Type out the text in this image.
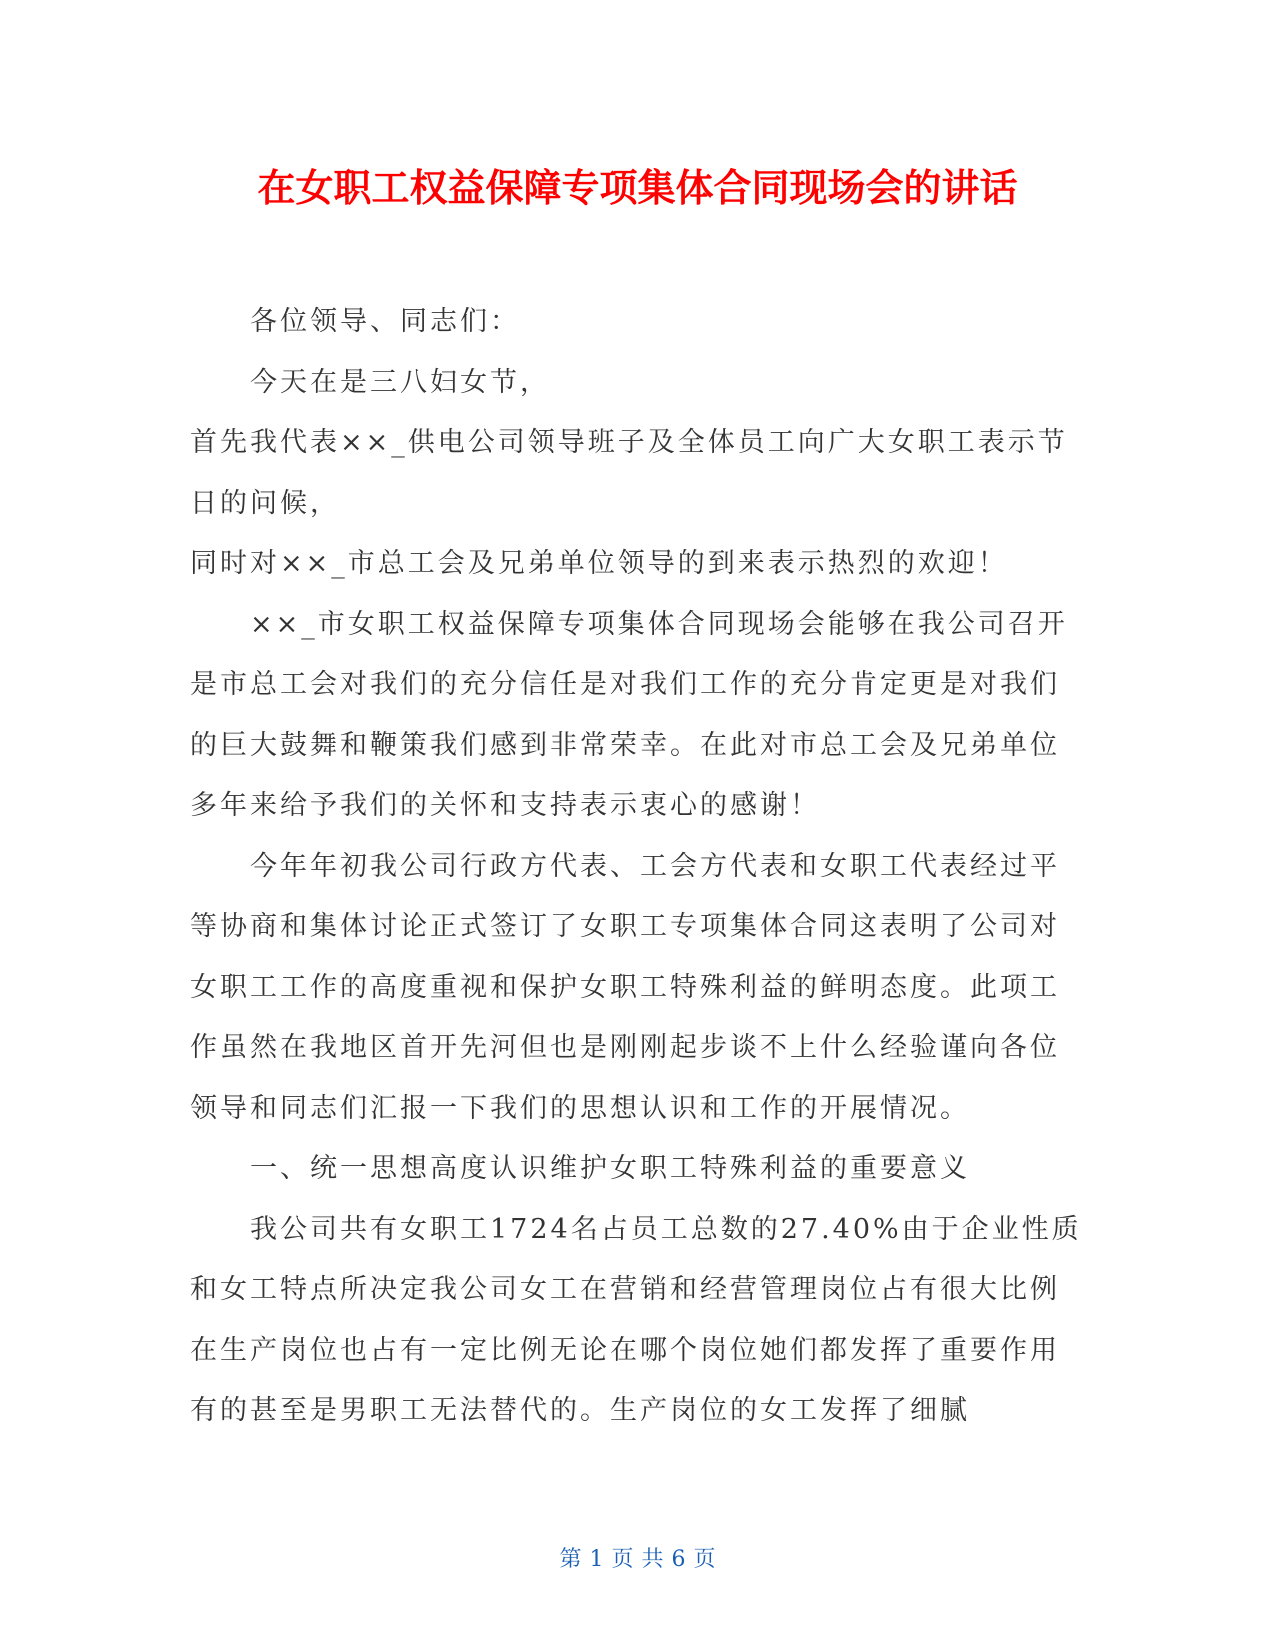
在女职工权益保障专项集体合同现场会的讲话

各位领导、同志们：

今天在是三八妇女节，

首先我代表××_供电公司领导班子及全体员工向广大女职工表示节日的问候，

同时对××_市总工会及兄弟单位领导的到来表示热烈的欢迎！

××_市女职工权益保障专项集体合同现场会能够在我公司召开是市总工会对我们的充分信任是对我们工作的充分肯定更是对我们的巨大鼓舞和鞭策我们感到非常荣幸。在此对市总工会及兄弟单位多年来给予我们的关怀和支持表示衷心的感谢！

今年年初我公司行政方代表、工会方代表和女职工代表经过平等协商和集体讨论正式签订了女职工专项集体合同这表明了公司对女职工工作的高度重视和保护女职工特殊利益的鲜明态度。此项工作虽然在我地区首开先河但也是刚刚起步谈不上什么经验谨向各位领导和同志们汇报一下我们的思想认识和工作的开展情况。

一、统一思想高度认识维护女职工特殊利益的重要意义

我公司共有女职工1724名占员工总数的27.40%由于企业性质和女工特点所决定我公司女工在营销和经营管理岗位占有很大比例在生产岗位也占有一定比例无论在哪个岗位她们都发挥了重要作用有的甚至是男职工无法替代的。生产岗位的女工发挥了细腻

第 1 页 共 6 页
